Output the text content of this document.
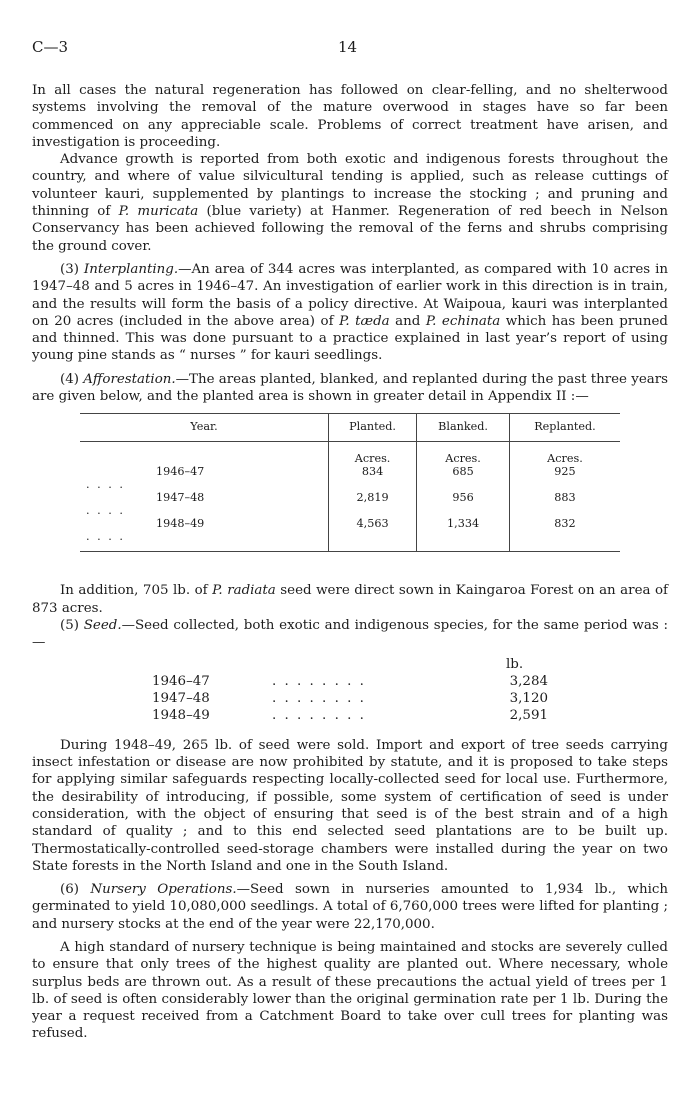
C—3	14

In all cases the natural regeneration has followed on clear-felling, and no shelterwood systems involving the removal of the mature overwood in stages have so far been commenced on any appreciable scale. Problems of correct treatment have arisen, and investigation is proceeding.

Advance growth is reported from both exotic and indigenous forests throughout the country, and where of value silvicultural tending is applied, such as release cuttings of volunteer kauri, supplemented by plantings to increase the stocking ; and pruning and thinning of P. muricata (blue variety) at Hanmer. Regeneration of red beech in Nelson Conservancy has been achieved following the removal of the ferns and shrubs comprising the ground cover.

(3) Interplanting.—An area of 344 acres was interplanted, as compared with 10 acres in 1947–48 and 5 acres in 1946–47. An investigation of earlier work in this direction is in train, and the results will form the basis of a policy directive. At Waipoua, kauri was interplanted on 20 acres (included in the above area) of P. tæda and P. echinata which has been pruned and thinned. This was done pursuant to a practice explained in last year’s report of using young pine stands as “ nurses ” for kauri seedlings.

(4) Afforestation.—The areas planted, blanked, and replanted during the past three years are given below, and the planted area is shown in greater detail in Appendix II :—

Year.	Planted.	Blanked.	Replanted.
	Acres.	Acres.	Acres.
1946–47. . . .	834	685	925
1947–48. . . .	2,819	956	883
1948–49. . . .	4,563	1,334	832

In addition, 705 lb. of P. radiata seed were direct sown in Kaingaroa Forest on an area of 873 acres.

(5) Seed.—Seed collected, both exotic and indigenous species, for the same period was :—

lb.
1946–47	. . . . . . . .	3,284
1947–48	. . . . . . . .	3,120
1948–49	. . . . . . . .	2,591

During 1948–49, 265 lb. of seed were sold. Import and export of tree seeds carrying insect infestation or disease are now prohibited by statute, and it is proposed to take steps for applying similar safeguards respecting locally-collected seed for local use. Furthermore, the desirability of introducing, if possible, some system of certification of seed is under consideration, with the object of ensuring that seed is of the best strain and of a high standard of quality ; and to this end selected seed plantations are to be built up. Thermostatically-controlled seed-storage chambers were installed during the year on two State forests in the North Island and one in the South Island.

(6) Nursery Operations.—Seed sown in nurseries amounted to 1,934 lb., which germinated to yield 10,080,000 seedlings. A total of 6,760,000 trees were lifted for planting ; and nursery stocks at the end of the year were 22,170,000.

A high standard of nursery technique is being maintained and stocks are severely culled to ensure that only trees of the highest quality are planted out. Where necessary, whole surplus beds are thrown out. As a result of these precautions the actual yield of trees per 1 lb. of seed is often considerably lower than the original germination rate per 1 lb. During the year a request received from a Catchment Board to take over cull trees for planting was refused.
